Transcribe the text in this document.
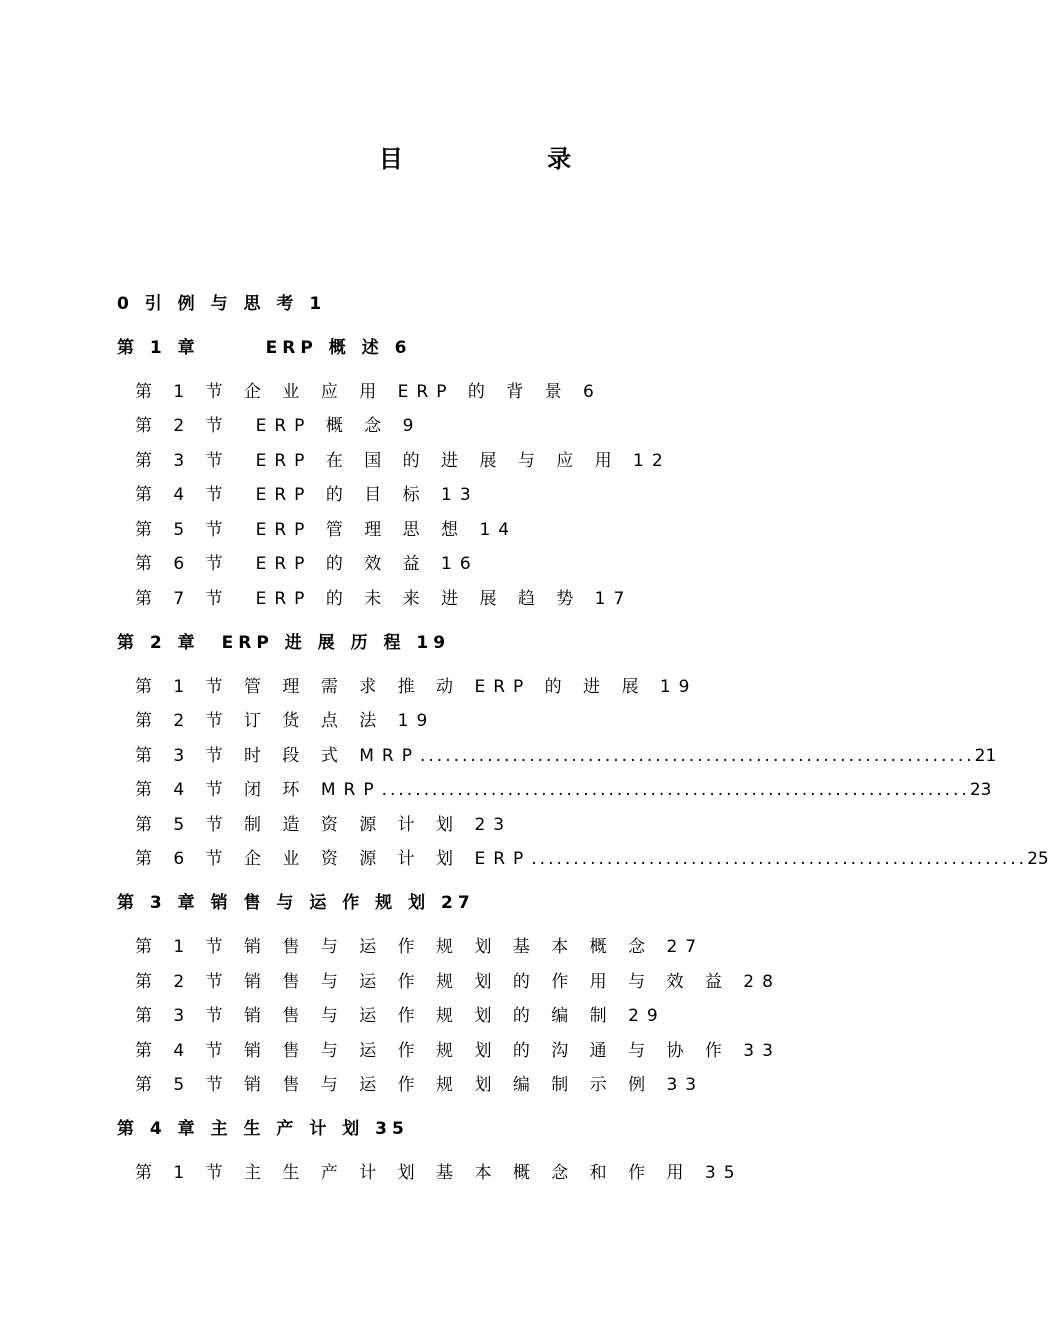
目 录
0 引 例 与 思 考 1
第 1 章　　　ERP 概 述 6
第 1 节 企 业 应 用 ERP 的 背 景 6
第 2 节　ERP 概 念 9
第 3 节　ERP 在 国 的 进 展 与 应 用 12
第 4 节　ERP 的 目 标 13
第 5 节　ERP 管 理 思 想 14
第 6 节　ERP 的 效 益 16
第 7 节　ERP 的 未 来 进 展 趋 势 17
第 2 章　ERP 进 展 历 程 19
第 1 节 管 理 需 求 推 动 ERP 的 进 展 19
第 2 节 订 货 点 法 19
第 3 节 时 段 式 MRP .................................................................. 21
第 4 节 闭 环 MRP ...................................................................... 23
第 5 节 制 造 资 源 计 划 23
第 6 节 企 业 资 源 计 划 ERP ........................................................... 25
第 3 章 销 售 与 运 作 规 划 27
第 1 节 销 售 与 运 作 规 划 基 本 概 念 27
第 2 节 销 售 与 运 作 规 划 的 作 用 与 效 益 28
第 3 节 销 售 与 运 作 规 划 的 编 制 29
第 4 节 销 售 与 运 作 规 划 的 沟 通 与 协 作 33
第 5 节 销 售 与 运 作 规 划 编 制 示 例 33
第 4 章 主 生 产 计 划 35
第 1 节 主 生 产 计 划 基 本 概 念 和 作 用 35
